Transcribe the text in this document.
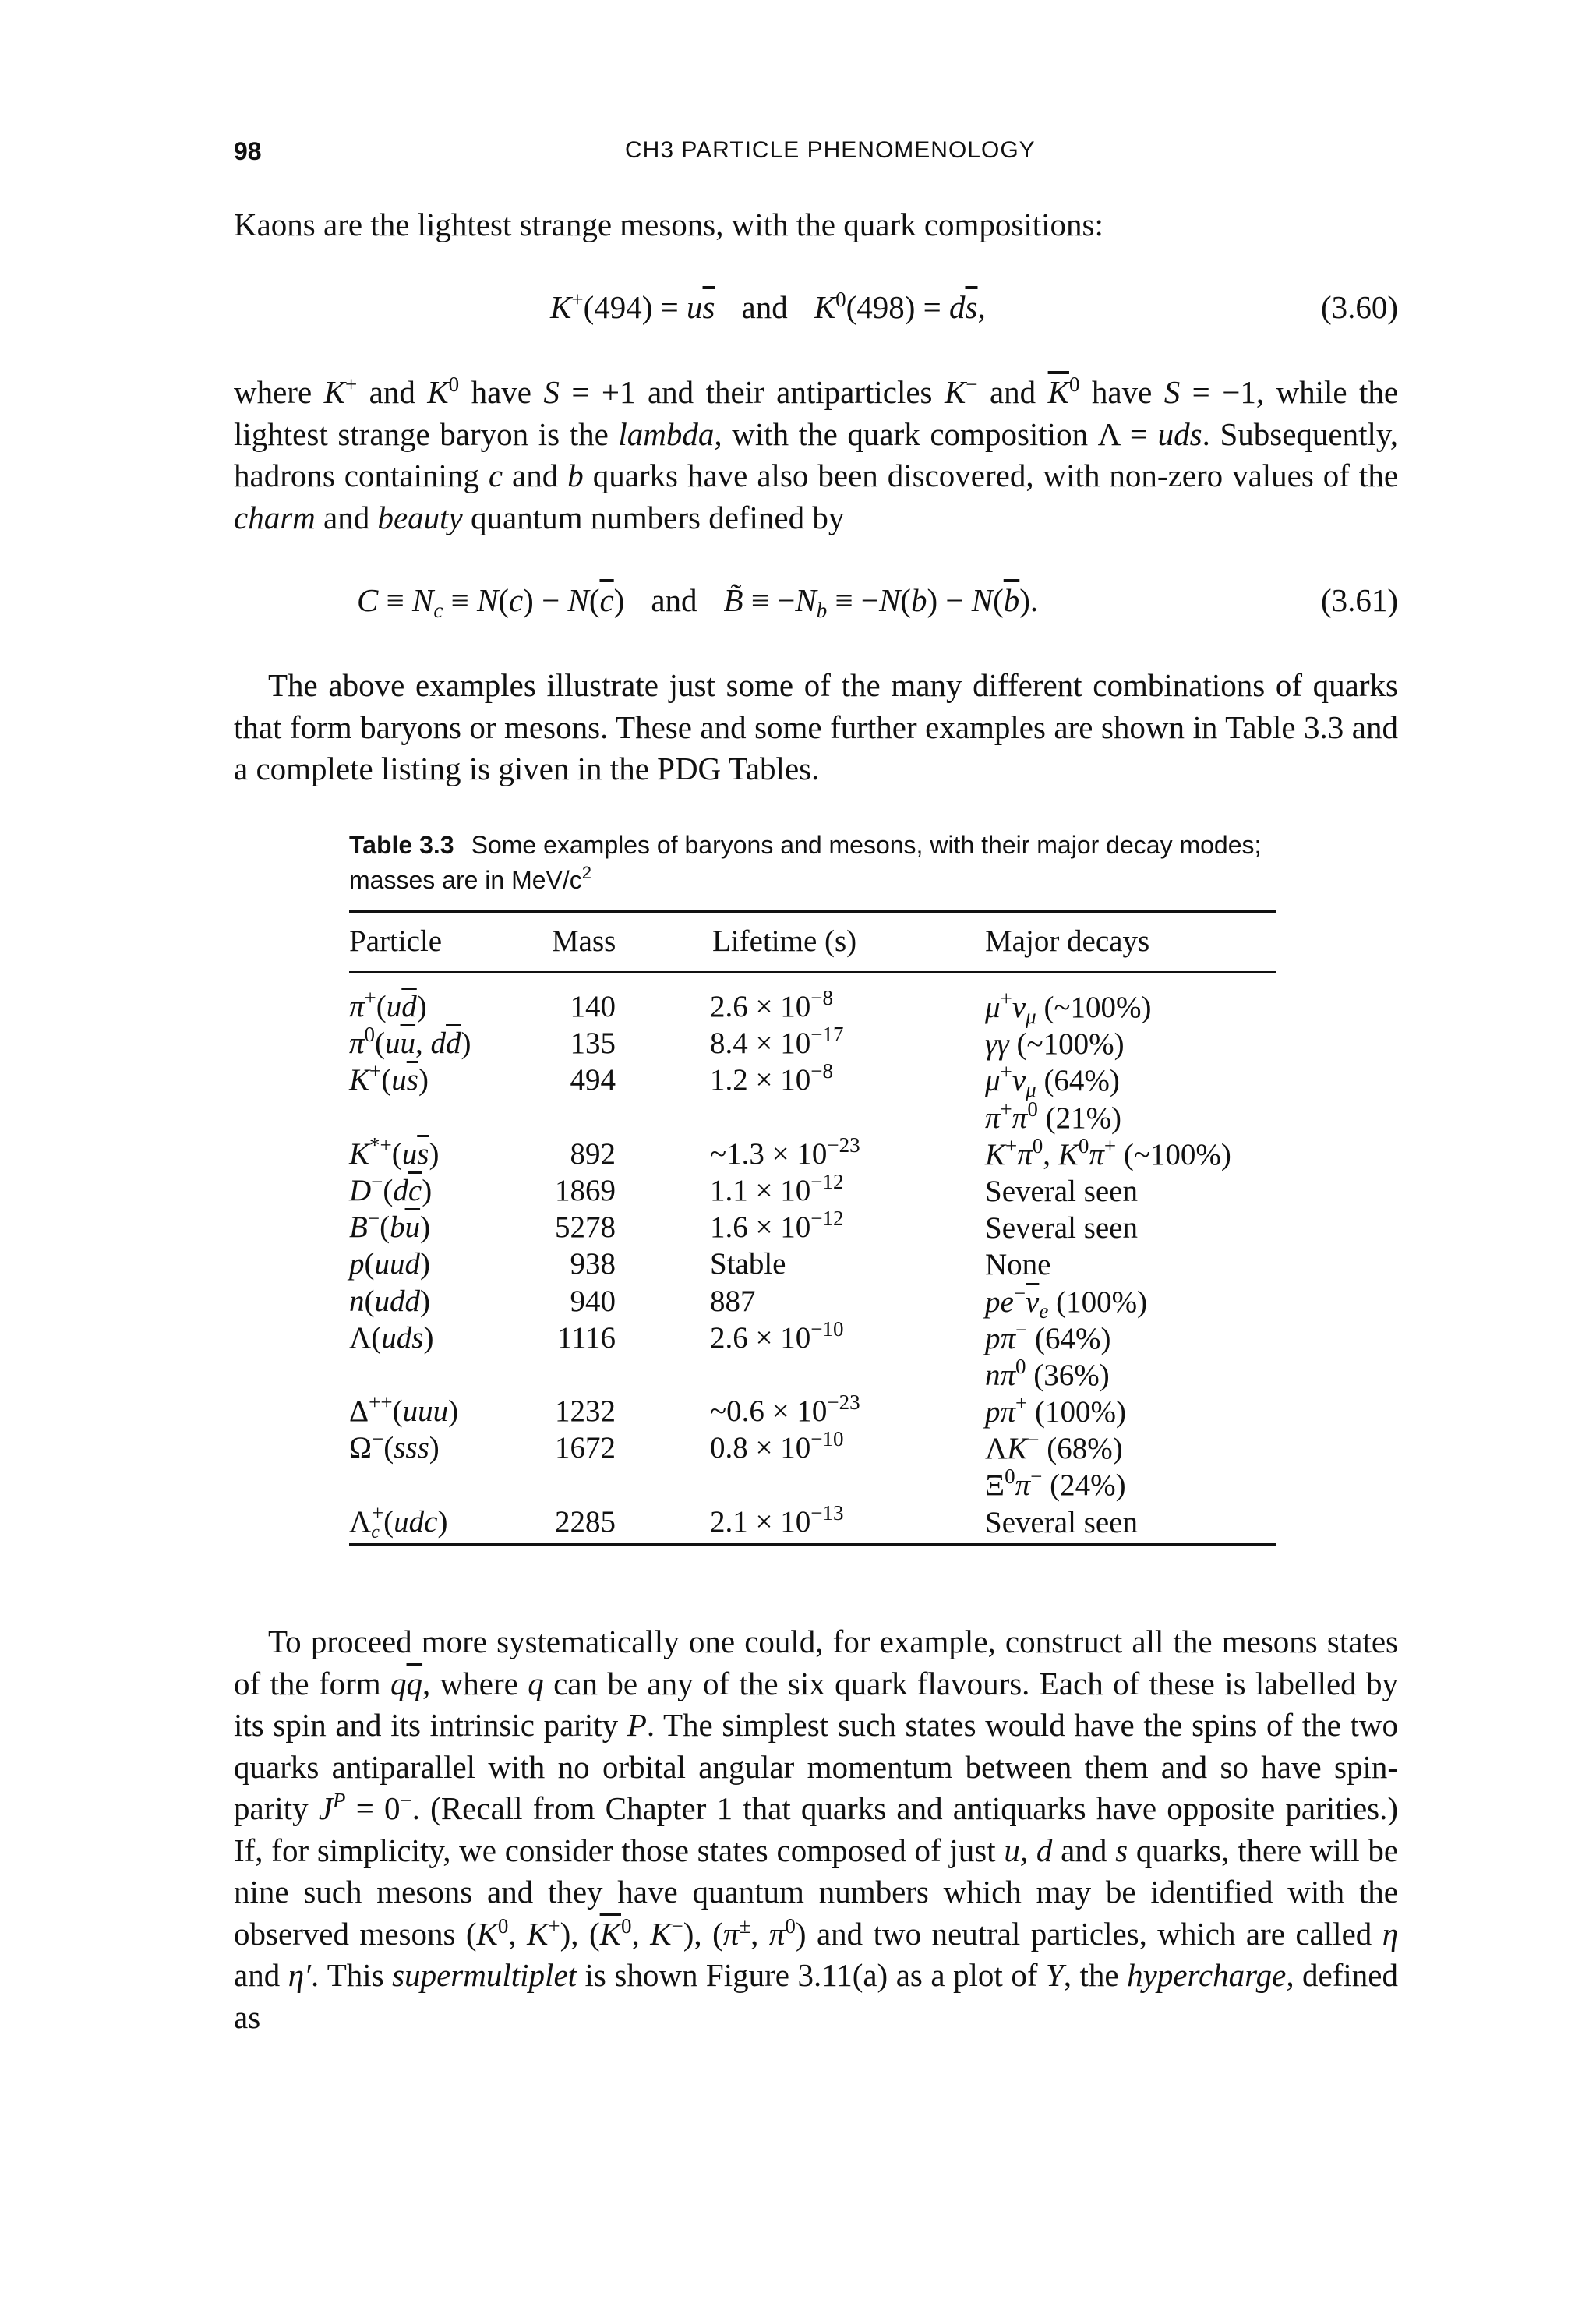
98	CH3 PARTICLE PHENOMENOLOGY
Kaons are the lightest strange mesons, with the quark compositions:
$K^+(494) = u\overline{s}$ and $K^0(498) = d\overline{s}$,	(3.60)
where K+ and $K^0$ have S = +1 and their antiparticles K− and $\overline{K}^0$ have S = −1, while the lightest strange baryon is the lambda, with the quark composition Λ = uds. Subsequently, hadrons containing c and b quarks have also been discovered, with non-zero values of the charm and beauty quantum numbers defined by
$C \equiv N_c \equiv N(c) - N(\overline{c})$ and B̃ ≡ $-N_b \equiv -N(b) - N(\overline{b})$.	(3.61)
The above examples illustrate just some of the many different combinations of quarks that form baryons or mesons. These and some further examples are shown in Table 3.3 and a complete listing is given in the PDG Tables.
Table 3.3 Some examples of baryons and mesons, with their major decay modes; masses are in MeV/$c^2$
Particle	Mass	Lifetime (s)	Major decays
$\pi^+(u\overline{d})$	140	$2.6 \times 10^{-8}$	$\mu^+\nu_\mu$ (~100%)
$\pi^0(u\overline{u}$, $d\overline{d}$)	135	$8.4 \times 10^{-17}$	γγ (~100%)
$K^+(u\overline{s})$	494	$1.2 \times 10^{-8}$	$\mu^+\nu_\mu$ (64%)
$\pi^+\pi^0$ (21%)
$K^{*+}(u\overline{s})$	892	~1.3 × $10^{-23}$	$K^+\pi^0$, $K^0\pi^+$ (~100%)
$D^-(d\overline{c})$	1869	$1.1 \times 10^{-12}$	Several seen
$B^-(b\overline{u})$	5278	$1.6 \times 10^{-12}$	Several seen
p(uud)	938	Stable	None
n(udd)	940	887	$pe^-\overline{\nu}_e$ (100%)
Λ(uds)	1116	$2.6 \times 10^{-10}$	pπ− (64%)
$n\pi^0$ (36%)
Δ++(uuu)	1232	~0.6 × $10^{-23}$	pπ+ (100%)
Ω−(sss)	1672	$0.8 \times 10^{-10}$	ΛK− (68%)
$\Xi^0\pi^-$ (24%)
$\Lambda_c^+(udc)$	2285	$2.1 \times 10^{-13}$	Several seen
To proceed more systematically one could, for example, construct all the mesons states of the form $q\overline{q}$, where q can be any of the six quark flavours. Each of these is labelled by its spin and its intrinsic parity P. The simplest such states would have the spins of the two quarks antiparallel with no orbital angular momentum between them and so have spin-parity $J^P = 0^-$. (Recall from Chapter 1 that quarks and antiquarks have opposite parities.) If, for simplicity, we consider those states composed of just u, d and s quarks, there will be nine such mesons and they have quantum numbers which may be identified with the observed mesons ($K^0$, K+), ($\overline{K}^0$, K−), (π±, $\pi^0$) and two neutral particles, which are called η and η′. This supermultiplet is shown Figure 3.11(a) as a plot of Y, the hypercharge, defined as
